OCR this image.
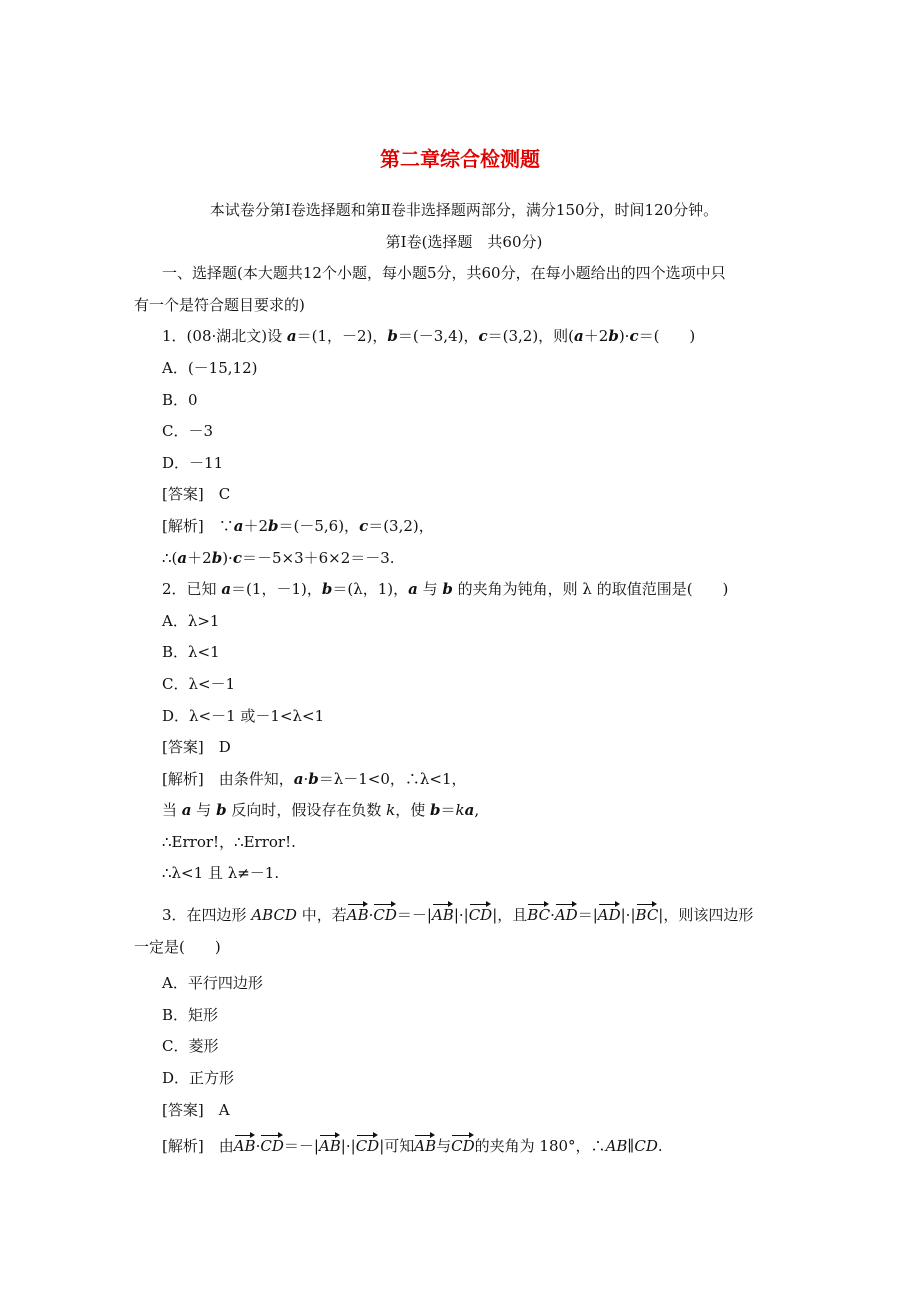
第二章综合检测题
本试卷分第Ⅰ卷选择题和第Ⅱ卷非选择题两部分，满分150分，时间120分钟。
第Ⅰ卷(选择题　共60分)
一、选择题(本大题共12个小题，每小题5分，共60分，在每小题给出的四个选项中只
有一个是符合题目要求的)
1．(08·湖北文)设 a＝(1，－2)，b＝(－3,4)，c＝(3,2)，则(a＋2b)·c＝(　　)
A．(－15,12)
B．0
C．－3
D．－11
[答案]　C
[解析]　∵a＋2b＝(－5,6)，c＝(3,2)，
∴(a＋2b)·c＝－5×3＋6×2＝－3.
2．已知 a＝(1，－1)，b＝(λ，1)，a 与 b 的夹角为钝角，则 λ 的取值范围是(　　)
A．λ>1
B．λ<1
C．λ<－1
D．λ<－1 或－1<λ<1
[答案]　D
[解析]　由条件知，a·b＝λ－1<0，∴λ<1，
当 a 与 b 反向时，假设存在负数 k，使 b＝ka,
∴Error!，∴Error!.
∴λ<1 且 λ≠－1.
3．在四边形 ABCD 中，若AB·CD＝－|AB|·|CD|，且BC·AD＝|AD|·|BC|，则该四边形
一定是(　　)
A．平行四边形
B．矩形
C．菱形
D．正方形
[答案]　A
[解析]　由AB·CD＝－|AB|·|CD|可知AB与CD的夹角为 180°，∴AB∥CD.
